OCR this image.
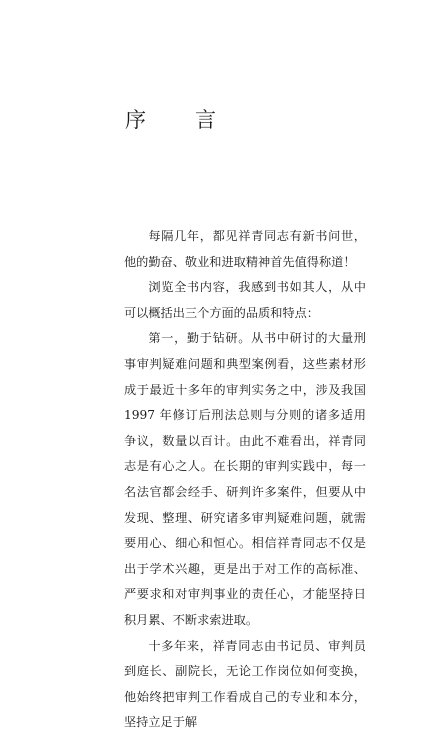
序　言

每隔几年，都见祥青同志有新书问世，他的勤奋、敬业和进取精神首先值得称道！

浏览全书内容，我感到书如其人，从中可以概括出三个方面的品质和特点：

第一，勤于钻研。从书中研讨的大量刑事审判疑难问题和典型案例看，这些素材形成于最近十多年的审判实务之中，涉及我国 1997 年修订后刑法总则与分则的诸多适用争议，数量以百计。由此不难看出，祥青同志是有心之人。在长期的审判实践中，每一名法官都会经手、研判许多案件，但要从中发现、整理、研究诸多审判疑难问题，就需要用心、细心和恒心。相信祥青同志不仅是出于学术兴趣，更是出于对工作的高标准、严要求和对审判事业的责任心，才能坚持日积月累、不断求索进取。

十多年来，祥青同志由书记员、审判员到庭长、副院长，无论工作岗位如何变换，他始终把审判工作看成自己的专业和本分，坚持立足于解
